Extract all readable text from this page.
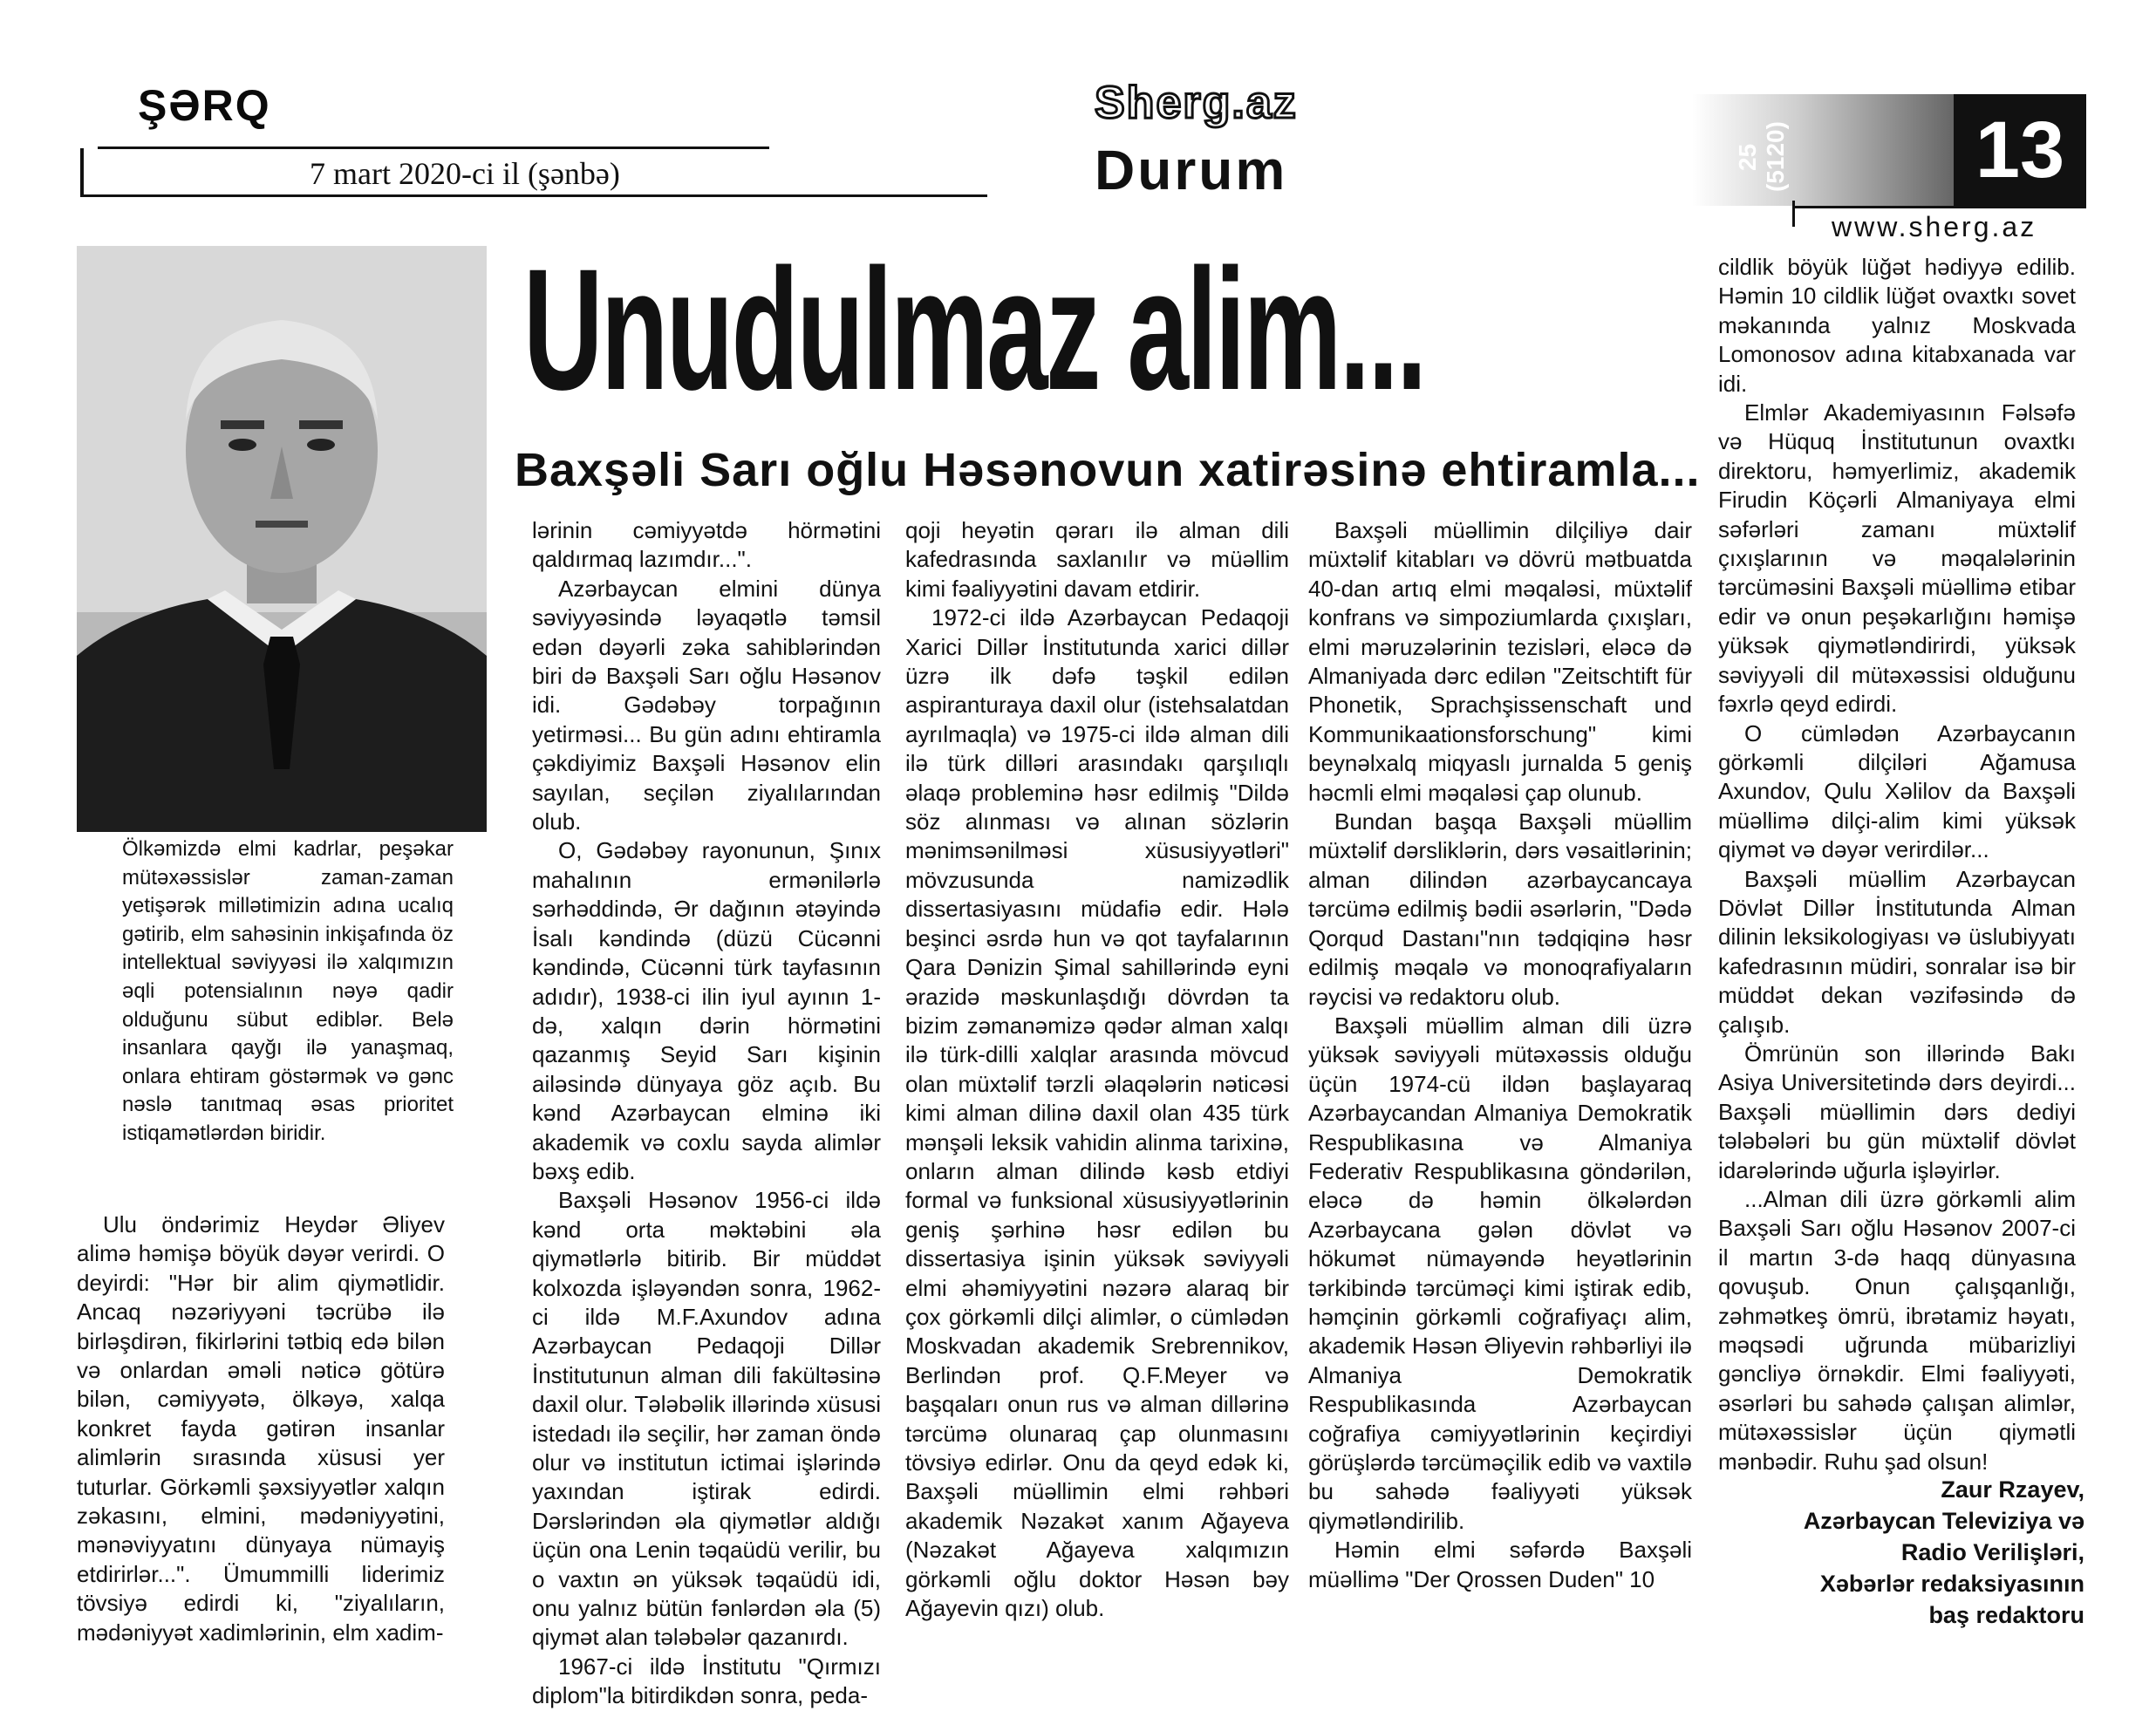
ŞƏRQ
7 mart 2020-ci il (şənbə)
Sherg.az
Durum	25 (5120) 13
www.sherg.az
Unudulmaz alim...
Baxşəli Sarı oğlu Həsənovun xatirəsinə ehtiramla...

Ölkəmizdə elmi kadrlar, peşəkar mütəxəssislər zaman-zaman yetişərək millətimizin adına ucalıq gətirib, elm sahəsinin inkişafında öz intellektual səviyyəsi ilə xalqımızın əqli potensialının nəyə qadir olduğunu sübut ediblər. Belə insanlara qayğı ilə yanaşmaq, onlara ehtiram göstərmək və gənc nəslə tanıtmaq əsas prioritet istiqamətlərdən biridir.

Ulu öndərimiz Heydər Əliyev alimə həmişə böyük dəyər verirdi. O deyirdi: "Hər bir alim qiymətlidir. Ancaq nəzəriyyəni təcrübə ilə birləşdirən, fikirlərini tətbiq edə bilən və onlardan əməli nəticə götürə bilən, cəmiyyətə, ölkəyə, xalqa konkret fayda gətirən insanlar alimlərin sırasında xüsusi yer tuturlar. Görkəmli şəxsiyyətlər xalqın zəkasını, elmini, mədəniyyətini, mənəviyyatını dünyaya nümayiş etdirirlər...". Ümummilli liderimiz tövsiyə edirdi ki, "ziyalıların, mədəniyyət xadimlərinin, elm xadim-

lərinin cəmiyyətdə hörmətini qaldırmaq lazımdır...".

Azərbaycan elmini dünya səviyyəsində ləyaqətlə təmsil edən dəyərli zəka sahiblərindən biri də Baxşəli Sarı oğlu Həsənov idi. Gədəbəy torpağının yetirməsi... Bu gün adını ehtiramla çəkdiyimiz Baxşəli Həsənov elin sayılan, seçilən ziyalılarından olub.

O, Gədəbəy rayonunun, Şınıx mahalının ermənilərlə sərhəddində, Ər dağının ətəyində İsalı kəndində (düzü Cücənni kəndində, Cücənni türk tayfasının adıdır), 1938-ci ilin iyul ayının 1-də, xalqın dərin hörmətini qazanmış Seyid Sarı kişinin ailəsində dünyaya göz açıb. Bu kənd Azərbaycan elminə iki akademik və coxlu sayda alimlər bəxş edib.

Baxşəli Həsənov 1956-ci ildə kənd orta məktəbini əla qiymətlərlə bitirib. Bir müddət kolxozda işləyəndən sonra, 1962-ci ildə M.F.Axundov adına Azərbaycan Pedaqoji Dillər İnstitutunun alman dili fakültəsinə daxil olur. Tələbəlik illərində xüsusi istedadı ilə seçilir, hər zaman öndə olur və institutun ictimai işlərində yaxından iştirak edirdi. Dərslərindən əla qiymətlər aldığı üçün ona Lenin təqaüdü verilir, bu o vaxtın ən yüksək təqaüdü idi, onu yalnız bütün fənlərdən əla (5) qiymət alan tələbələr qazanırdı.

1967-ci ildə İnstitutu "Qırmızı diplom"la bitirdikdən sonra, peda-

qoji heyətin qərarı ilə alman dili kafedrasında saxlanılır və müəllim kimi fəaliyyətini davam etdirir.

1972-ci ildə Azərbaycan Pedaqoji Xarici Dillər İnstitutunda xarici dillər üzrə ilk dəfə təşkil edilən aspiranturaya daxil olur (istehsalatdan ayrılmaqla) və 1975-ci ildə alman dili ilə türk dilləri arasındakı qarşılıqlı əlaqə probleminə həsr edilmiş "Dildə söz alınması və alınan sözlərin mənimsənilməsi xüsusiyyətləri" mövzusunda namizədlik dissertasiyasını müdafiə edir. Hələ beşinci əsrdə hun və qot tayfalarının Qara Dənizin Şimal sahillərində eyni ərazidə məskunlaşdığı dövrdən ta bizim zəmanəmizə qədər alman xalqı ilə türk-dilli xalqlar arasında mövcud olan müxtəlif tərzli əlaqələrin nəticəsi kimi alman dilinə daxil olan 435 türk mənşəli leksik vahidin alinma tarixinə, onların alman dilində kəsb etdiyi formal və funksional xüsusiyyətlərinin geniş şərhinə həsr edilən bu dissertasiya işinin yüksək səviyyəli elmi əhəmiyyətini nəzərə alaraq bir çox görkəmli dilçi alimlər, o cümlədən Moskvadan akademik Srebrennikov, Berlindən prof. Q.F.Meyer və başqaları onun rus və alman dillərinə tərcümə olunaraq çap olunmasını tövsiyə edirlər. Onu da qeyd edək ki, Baxşəli müəllimin elmi rəhbəri akademik Nəzakət xanım Ağayeva (Nəzakət Ağayeva xalqımızın görkəmli oğlu doktor Həsən bəy Ağayevin qızı) olub.

Baxşəli müəllimin dilçiliyə dair müxtəlif kitabları və dövrü mətbuatda 40-dan artıq elmi məqaləsi, müxtəlif konfrans və simpoziumlarda çıxışları, elmi məruzələrinin tezisləri, eləcə də Almaniyada dərc edilən "Zeitschtift für Phonetik, Sprachşissenschaft und Kommunikaationsforschung" kimi beynəlxalq miqyaslı jurnalda 5 geniş həcmli elmi məqaləsi çap olunub.

Bundan başqa Baxşəli müəllim müxtəlif dərsliklərin, dərs vəsaitlərinin; alman dilindən azərbaycancaya tərcümə edilmiş bədii əsərlərin, "Dədə Qorqud Dastanı"nın tədqiqinə həsr edilmiş məqalə və monoqrafiyaların rəycisi və redaktoru olub.

Baxşəli müəllim alman dili üzrə yüksək səviyyəli mütəxəssis olduğu üçün 1974-cü ildən başlayaraq Azərbaycandan Almaniya Demokratik Respublikasına və Almaniya Federativ Respublikasına göndərilən, eləcə də həmin ölkələrdən Azərbaycana gələn dövlət və hökumət nümayəndə heyətlərinin tərkibində tərcüməçi kimi iştirak edib, həmçinin görkəmli coğrafiyaçı alim, akademik Həsən Əliyevin rəhbərliyi ilə Almaniya Demokratik Respublikasında Azərbaycan coğrafiya cəmiyyətlərinin keçirdiyi görüşlərdə tərcüməçilik edib və vaxtilə bu sahədə fəaliyyəti yüksək qiymətləndirilib.

Həmin elmi səfərdə Baxşəli müəllimə "Der Qrossen Duden" 10

cildlik böyük lüğət hədiyyə edilib. Həmin 10 cildlik lüğət ovaxtkı sovet məkanında yalnız Moskvada Lomonosov adına kitabxanada var idi.

Elmlər Akademiyasının Fəlsəfə və Hüquq İnstitutunun ovaxtkı direktoru, həmyerlimiz, akademik Firudin Köçərli Almaniyaya elmi səfərləri zamanı müxtəlif çıxışlarının və məqalələrinin tərcüməsini Baxşəli müəllimə etibar edir və onun peşəkarlığını həmişə yüksək qiymətləndirirdi, yüksək səviyyəli dil mütəxəssisi olduğunu fəxrlə qeyd edirdi.

O cümlədən Azərbaycanın görkəmli dilçiləri Ağamusa Axundov, Qulu Xəlilov da Baxşəli müəllimə dilçi-alim kimi yüksək qiymət və dəyər verirdilər...

Baxşəli müəllim Azərbaycan Dövlət Dillər İnstitutunda Alman dilinin leksikologiyası və üslubiyyatı kafedrasının müdiri, sonralar isə bir müddət dekan vəzifəsində də çalışıb.

Ömrünün son illərində Bakı Asiya Universitetində dərs deyirdi... Baxşəli müəllimin dərs dediyi tələbələri bu gün müxtəlif dövlət idarələrində uğurla işləyirlər.

...Alman dili üzrə görkəmli alim Baxşəli Sarı oğlu Həsənov 2007-ci il martın 3-də haqq dünyasına qovuşub. Onun çalışqanlığı, zəhmətkeş ömrü, ibrətamiz həyatı, məqsədi uğrunda mübarizliyi gəncliyə örnəkdir. Elmi fəaliyyəti, əsərləri bu sahədə çalışan alimlər, mütəxəssislər üçün qiymətli mənbədir. Ruhu şad olsun!

Zaur Rzayev,
Azərbaycan Televiziya və
Radio Verilişləri,
Xəbərlər redaksiyasının
baş redaktoru
